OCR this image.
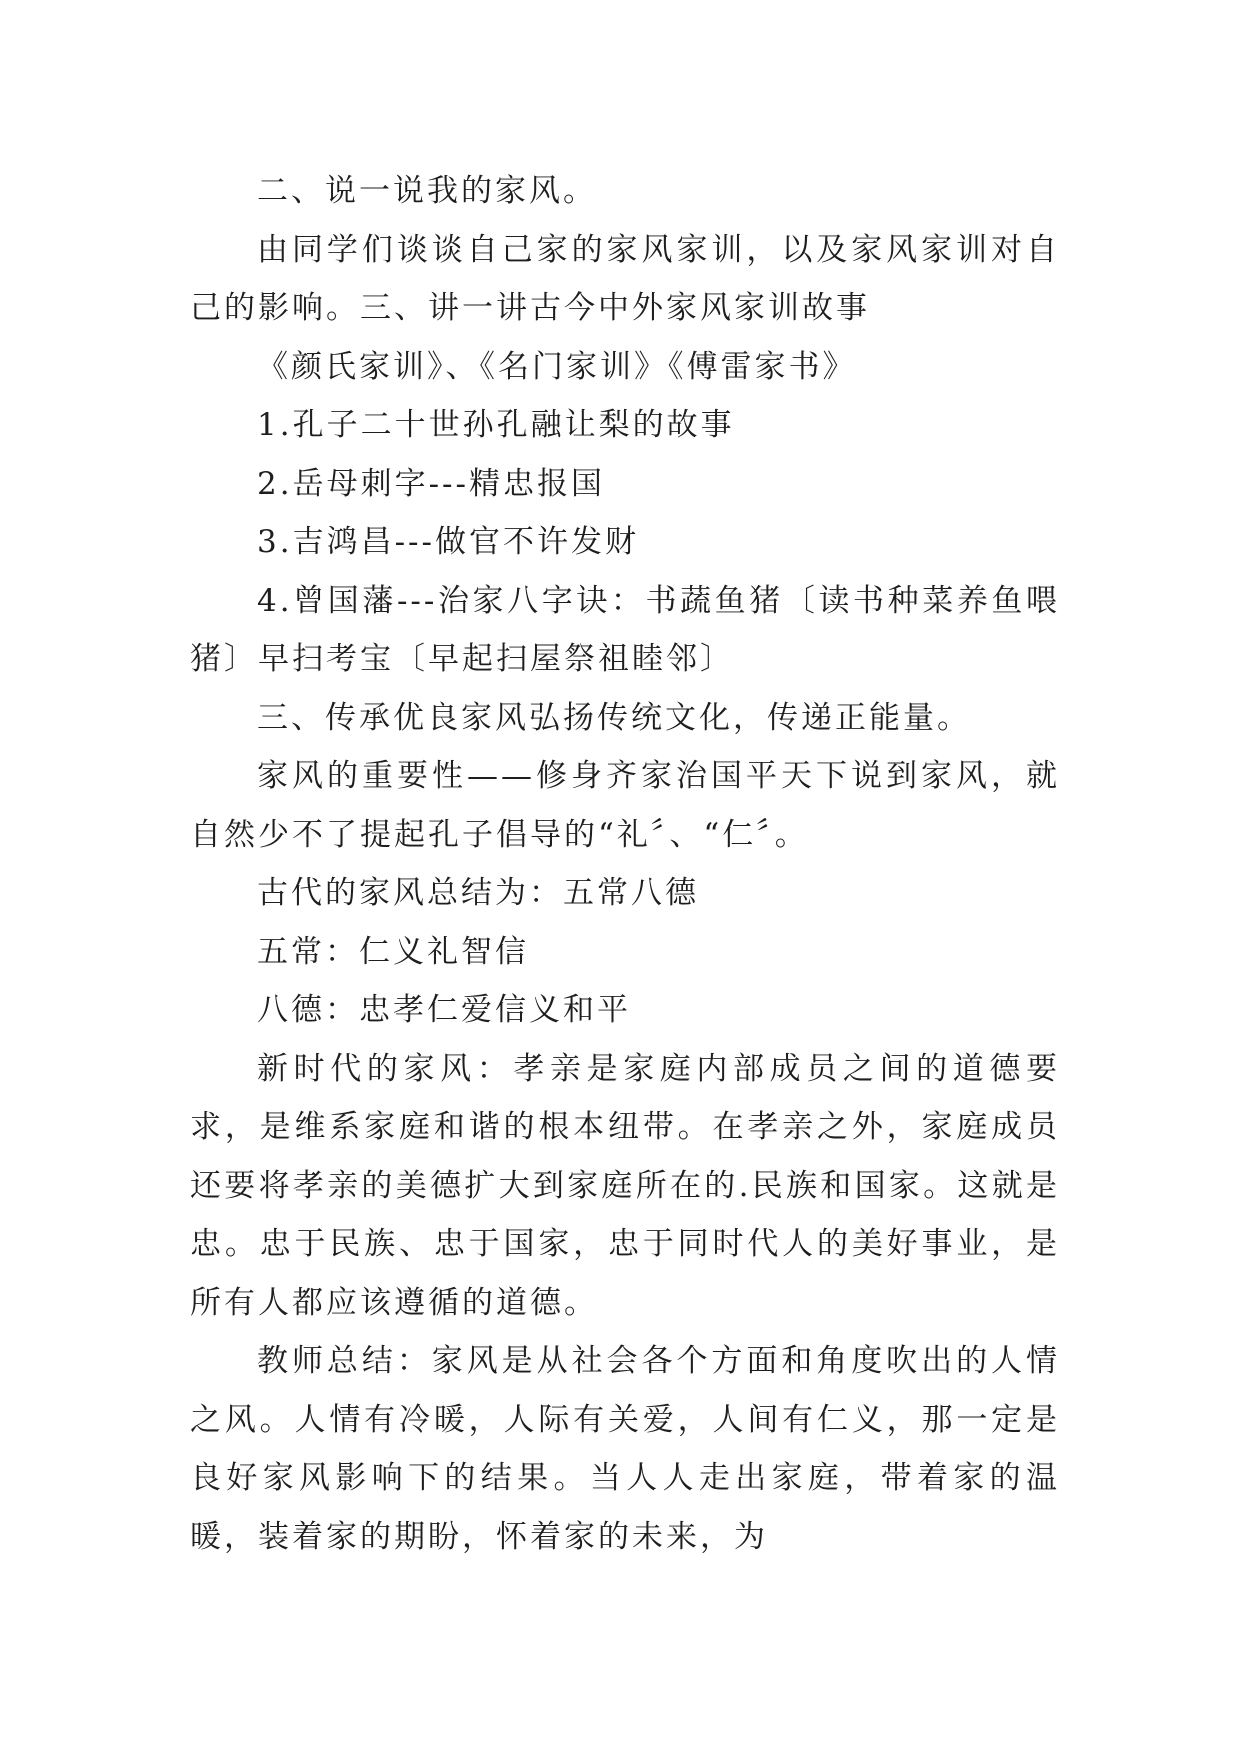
二、说一说我的家风。

由同学们谈谈自己家的家风家训，以及家风家训对自己的影响。三、讲一讲古今中外家风家训故事

《颜氏家训》、《名门家训》《傅雷家书》

1.孔子二十世孙孔融让梨的故事

2.岳母刺字---精忠报国

3.吉鸿昌---做官不许发财

4.曾国藩---治家八字诀：书蔬鱼猪〔读书种菜养鱼喂猪〕早扫考宝〔早起扫屋祭祖睦邻〕

三、传承优良家风弘扬传统文化，传递正能量。

家风的重要性——修身齐家治国平天下说到家风，就自然少不了提起孔子倡导的“礼〞、“仁〞。

古代的家风总结为：五常八德

五常：仁义礼智信

八德：忠孝仁爱信义和平

新时代的家风：孝亲是家庭内部成员之间的道德要求，是维系家庭和谐的根本纽带。在孝亲之外，家庭成员还要将孝亲的美德扩大到家庭所在的.民族和国家。这就是忠。忠于民族、忠于国家，忠于同时代人的美好事业，是所有人都应该遵循的道德。

教师总结：家风是从社会各个方面和角度吹出的人情之风。人情有冷暖，人际有关爱，人间有仁义，那一定是良好家风影响下的结果。当人人走出家庭，带着家的温暖，装着家的期盼，怀着家的未来，为
